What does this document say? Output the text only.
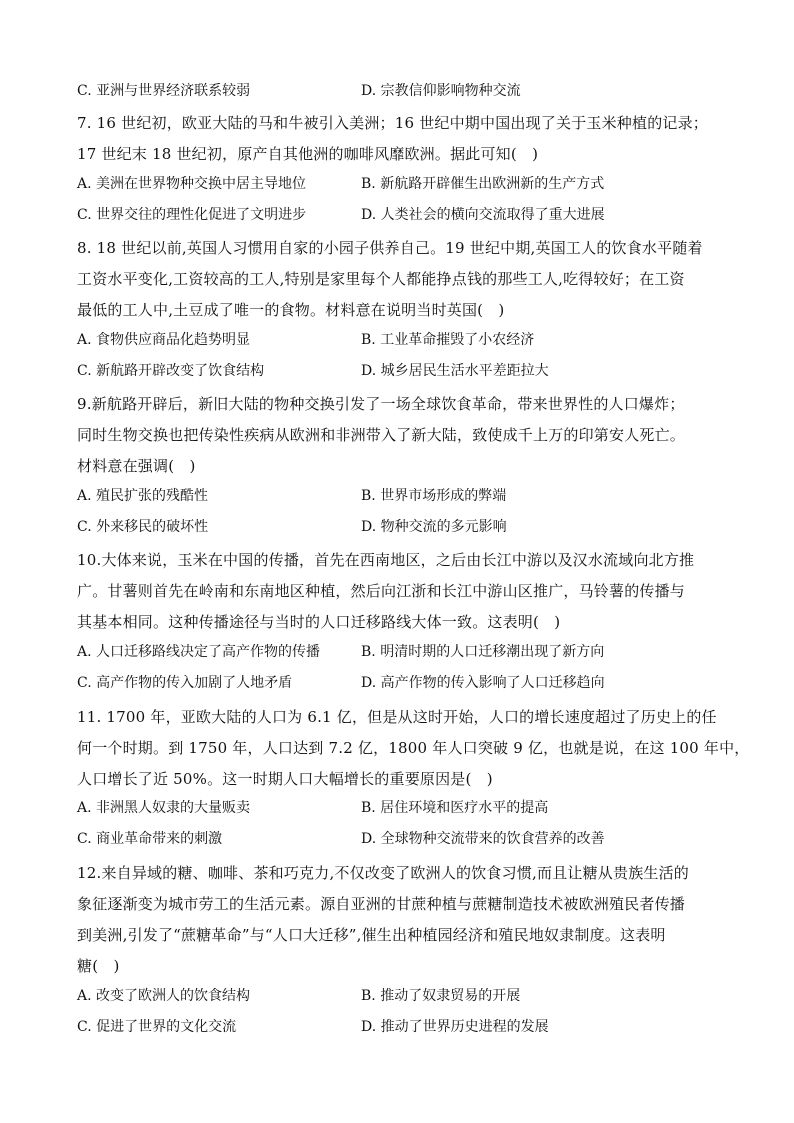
C. 亚洲与世界经济联系较弱	D. 宗教信仰影响物种交流
7. 16 世纪初，欧亚大陆的马和牛被引入美洲；16 世纪中期中国出现了关于玉米种植的记录；
17 世纪末 18 世纪初，原产自其他洲的咖啡风靡欧洲。据此可知(　)
A. 美洲在世界物种交换中居主导地位	B. 新航路开辟催生出欧洲新的生产方式
C. 世界交往的理性化促进了文明进步	D. 人类社会的横向交流取得了重大进展
8. 18 世纪以前,英国人习惯用自家的小园子供养自己。19 世纪中期,英国工人的饮食水平随着
工资水平变化,工资较高的工人,特别是家里每个人都能挣点钱的那些工人,吃得较好；在工资
最低的工人中,土豆成了唯一的食物。材料意在说明当时英国(　)
A. 食物供应商品化趋势明显	B. 工业革命摧毁了小农经济
C. 新航路开辟改变了饮食结构	D. 城乡居民生活水平差距拉大
9.新航路开辟后，新旧大陆的物种交换引发了一场全球饮食革命，带来世界性的人口爆炸；
同时生物交换也把传染性疾病从欧洲和非洲带入了新大陆，致使成千上万的印第安人死亡。
材料意在强调(　)
A. 殖民扩张的残酷性	B. 世界市场形成的弊端
C. 外来移民的破坏性	D. 物种交流的多元影响
10.大体来说，玉米在中国的传播，首先在西南地区，之后由长江中游以及汉水流域向北方推
广。甘薯则首先在岭南和东南地区种植，然后向江浙和长江中游山区推广，马铃薯的传播与
其基本相同。这种传播途径与当时的人口迁移路线大体一致。这表明(　)
A. 人口迁移路线决定了高产作物的传播	B. 明清时期的人口迁移潮出现了新方向
C. 高产作物的传入加剧了人地矛盾	D. 高产作物的传入影响了人口迁移趋向
11. 1700 年，亚欧大陆的人口为 6.1 亿，但是从这时开始，人口的增长速度超过了历史上的任
何一个时期。到 1750 年，人口达到 7.2 亿，1800 年人口突破 9 亿，也就是说，在这 100 年中，
人口增长了近 50%。这一时期人口大幅增长的重要原因是(　)
A. 非洲黑人奴隶的大量贩卖	B. 居住环境和医疗水平的提高
C. 商业革命带来的刺激	D. 全球物种交流带来的饮食营养的改善
12.来自异域的糖、咖啡、茶和巧克力,不仅改变了欧洲人的饮食习惯,而且让糖从贵族生活的
象征逐渐变为城市劳工的生活元素。源自亚洲的甘蔗种植与蔗糖制造技术被欧洲殖民者传播
到美洲,引发了“蔗糖革命”与“人口大迁移”,催生出种植园经济和殖民地奴隶制度。这表明
糖(　)
A. 改变了欧洲人的饮食结构	B. 推动了奴隶贸易的开展
C. 促进了世界的文化交流	D. 推动了世界历史进程的发展
